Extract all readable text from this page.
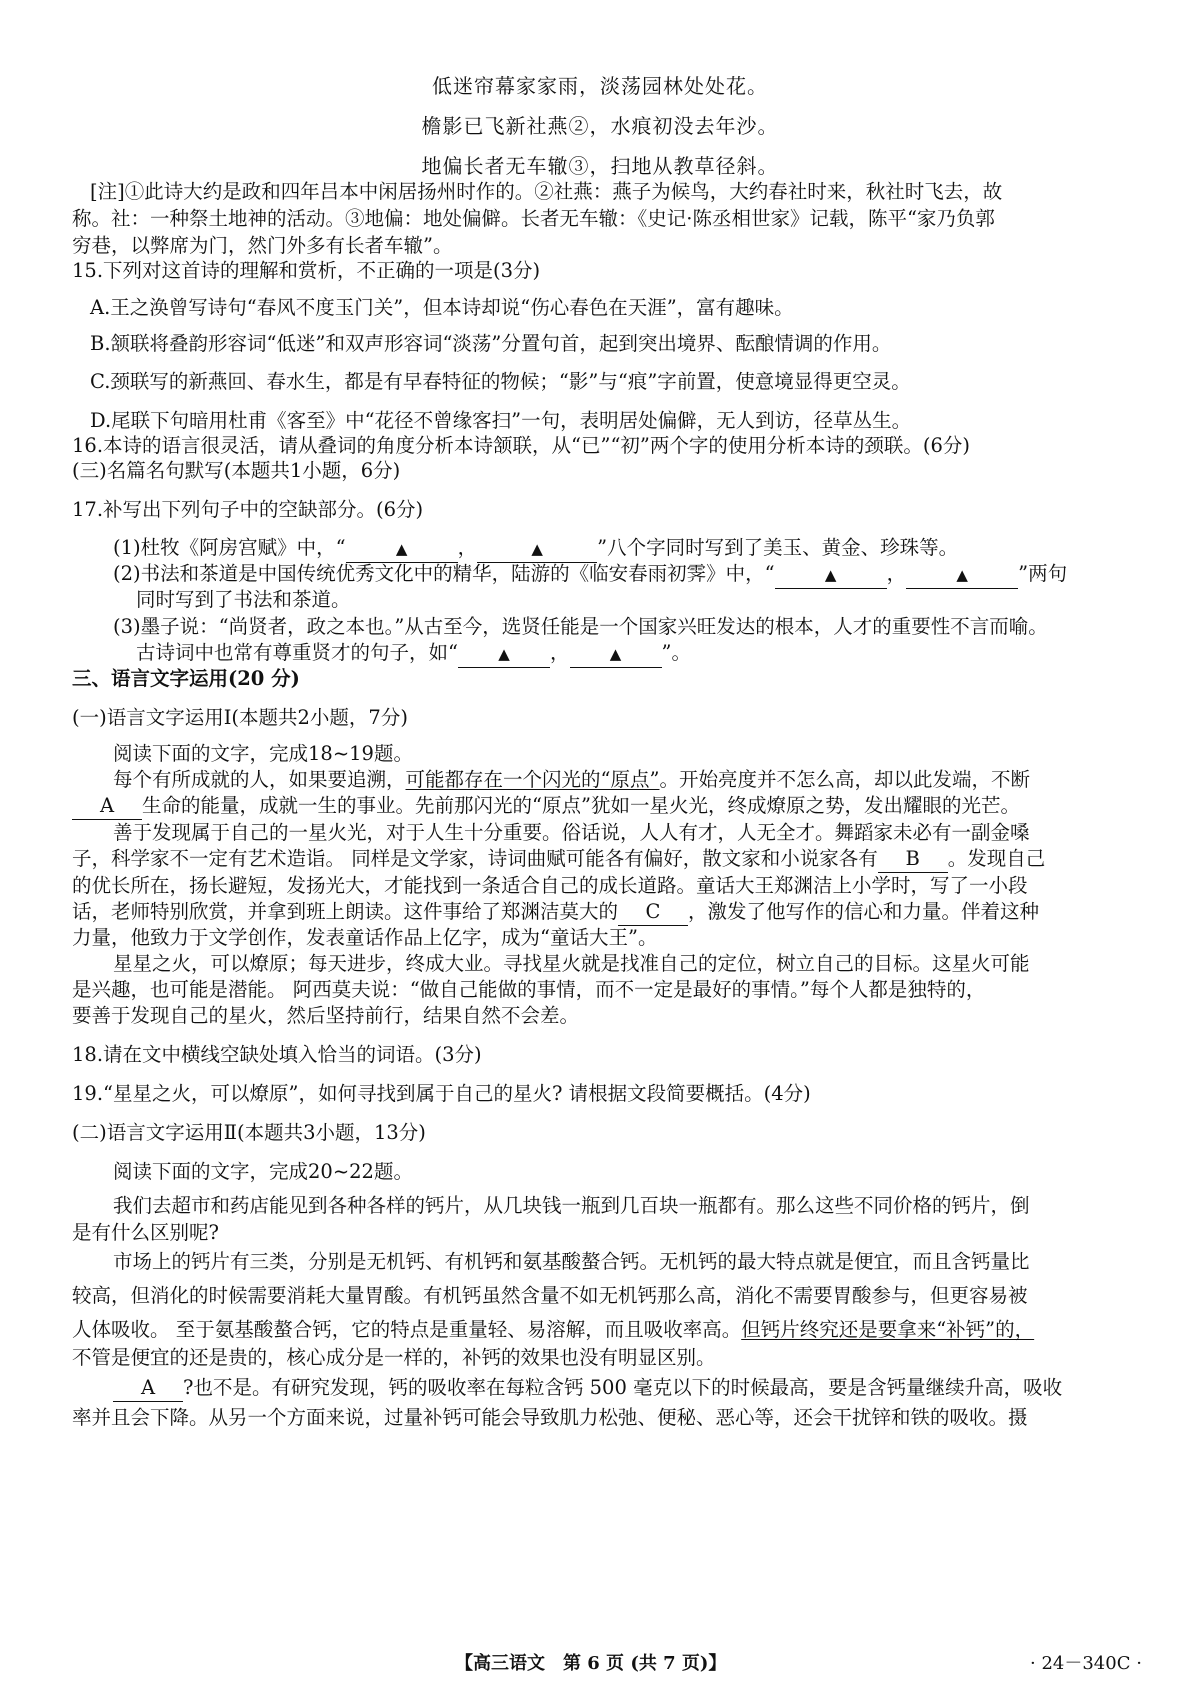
低迷帘幕家家雨，淡荡园林处处花。
檐影已飞新社燕②，水痕初没去年沙。
地偏长者无车辙③，扫地从教草径斜。
[注]①此诗大约是政和四年吕本中闲居扬州时作的。②社燕：燕子为候鸟，大约春社时来，秋社时飞去，故
称。社：一种祭土地神的活动。③地偏：地处偏僻。长者无车辙：《史记·陈丞相世家》记载，陈平“家乃负郭
穷巷，以弊席为门，然门外多有长者车辙”。
15.下列对这首诗的理解和赏析，不正确的一项是(3分)
A.王之涣曾写诗句“春风不度玉门关”，但本诗却说“伤心春色在天涯”，富有趣味。
B.颔联将叠韵形容词“低迷”和双声形容词“淡荡”分置句首，起到突出境界、酝酿情调的作用。
C.颈联写的新燕回、春水生，都是有早春特征的物候；“影”与“痕”字前置，使意境显得更空灵。
D.尾联下句暗用杜甫《客至》中“花径不曾缘客扫”一句，表明居处偏僻，无人到访，径草丛生。
16.本诗的语言很灵活，请从叠词的角度分析本诗颔联，从“已”“初”两个字的使用分析本诗的颈联。(6分)
(三)名篇名句默写(本题共1小题，6分)
17.补写出下列句子中的空缺部分。(6分)
(1)杜牧《阿房宫赋》中，“	▲	，	▲	”八个字同时写到了美玉、黄金、珍珠等。
(2)书法和茶道是中国传统优秀文化中的精华，陆游的《临安春雨初霁》中，“	▲	，	▲	”两句
同时写到了书法和茶道。
(3)墨子说：“尚贤者，政之本也。”从古至今，选贤任能是一个国家兴旺发达的根本，人才的重要性不言而喻。
古诗词中也常有尊重贤才的句子，如“	▲ ，	▲ ”。
三、语言文字运用(20 分)
(一)语言文字运用Ⅰ(本题共2小题，7分)
阅读下面的文字，完成18~19题。
每个有所成就的人，如果要追溯，可能都存在一个闪光的“原点”。开始亮度并不怎么高，却以此发端，不断
A 生命的能量，成就一生的事业。先前那闪光的“原点”犹如一星火光，终成燎原之势，发出耀眼的光芒。
善于发现属于自己的一星火光，对于人生十分重要。俗话说，人人有才，人无全才。舞蹈家未必有一副金嗓
子，科学家不一定有艺术造诣。 同样是文学家，诗词曲赋可能各有偏好，散文家和小说家各有 B 。发现自己
的优长所在，扬长避短，发扬光大，才能找到一条适合自己的成长道路。童话大王郑渊洁上小学时，写了一小段
话，老师特别欣赏，并拿到班上朗读。这件事给了郑渊洁莫大的 C ，激发了他写作的信心和力量。伴着这种
力量，他致力于文学创作，发表童话作品上亿字，成为“童话大王”。
星星之火，可以燎原；每天进步，终成大业。寻找星火就是找准自己的定位，树立自己的目标。这星火可能
是兴趣，也可能是潜能。 阿西莫夫说：“做自己能做的事情，而不一定是最好的事情。”每个人都是独特的，
要善于发现自己的星火，然后坚持前行，结果自然不会差。
18.请在文中横线空缺处填入恰当的词语。(3分)
19.“星星之火，可以燎原”，如何寻找到属于自己的星火? 请根据文段简要概括。(4分)
(二)语言文字运用Ⅱ(本题共3小题，13分)
阅读下面的文字，完成20~22题。
我们去超市和药店能见到各种各样的钙片，从几块钱一瓶到几百块一瓶都有。那么这些不同价格的钙片，倒
是有什么区别呢?
市场上的钙片有三类，分别是无机钙、有机钙和氨基酸螯合钙。无机钙的最大特点就是便宜，而且含钙量比
较高，但消化的时候需要消耗大量胃酸。有机钙虽然含量不如无机钙那么高，消化不需要胃酸参与，但更容易被
人体吸收。 至于氨基酸螯合钙，它的特点是重量轻、易溶解，而且吸收率高。但钙片终究还是要拿来“补钙”的，
不管是便宜的还是贵的，核心成分是一样的，补钙的效果也没有明显区别。
A ?也不是。有研究发现，钙的吸收率在每粒含钙 500 毫克以下的时候最高，要是含钙量继续升高，吸收
率并且会下降。从另一个方面来说，过量补钙可能会导致肌力松弛、便秘、恶心等，还会干扰锌和铁的吸收。摄
【高三语文　第 6 页 (共 7 页)】	· 24－340C ·
